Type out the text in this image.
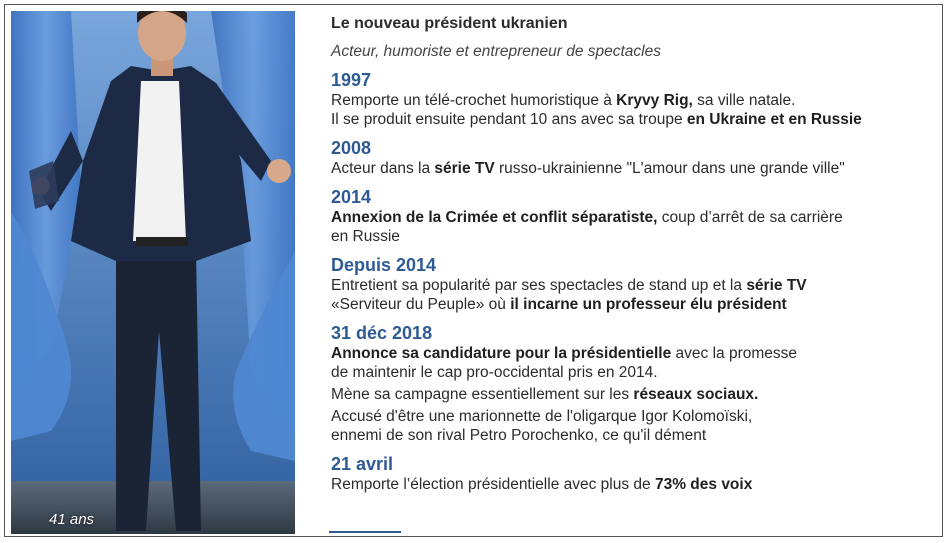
41 ans
Le nouveau président ukranien
Acteur, humoriste et entrepreneur de spectacles
1997
Remporte un télé-crochet humoristique à Kryvy Rig, sa ville natale.
Il se produit ensuite pendant 10 ans avec sa troupe en Ukraine et en Russie
2008
Acteur dans la série TV russo-ukrainienne "L'amour dans une grande ville"
2014
Annexion de la Crimée et conflit séparatiste, coup d’arrêt de sa carrière
en Russie
Depuis 2014
Entretient sa popularité par ses spectacles de stand up et la série TV
«Serviteur du Peuple» où il incarne un professeur élu président
31 déc 2018
Annonce sa candidature pour la présidentielle avec la promesse
de maintenir le cap pro-occidental pris en 2014.
Mène sa campagne essentiellement sur les réseaux sociaux.
Accusé d'être une marionnette de l'oligarque Igor Kolomoïski,
ennemi de son rival Petro Porochenko, ce qu'il dément
21 avril
Remporte l’élection présidentielle avec plus de 73% des voix
